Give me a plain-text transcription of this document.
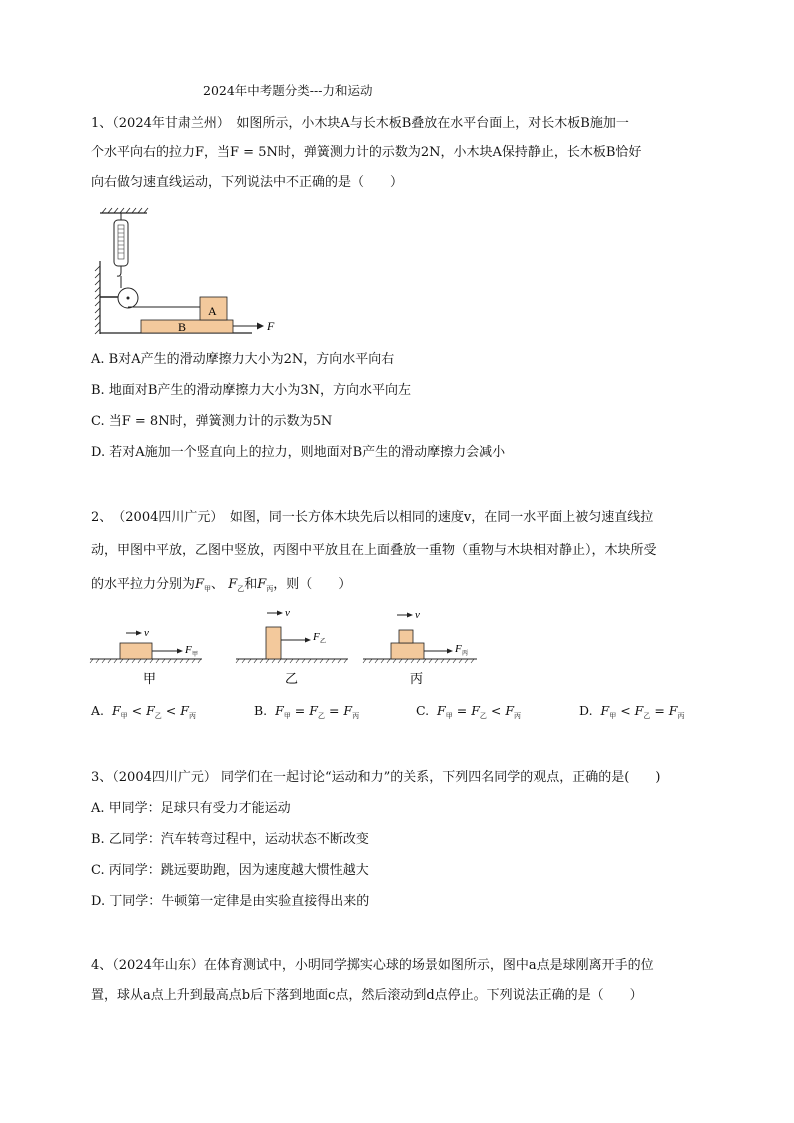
2024年中考题分类---力和运动
1、（2024年甘肃兰州）　如图所示，小木块A与长木板B叠放在水平台面上，对长木板B施加一
个水平向右的拉力F，当F = 5N时，弹簧测力计的示数为2N，小木块A保持静止，长木板B恰好
向右做匀速直线运动，下列说法中不正确的是（　　）
B
A
F
A. B对A产生的滑动摩擦力大小为2N，方向水平向右
B. 地面对B产生的滑动摩擦力大小为3N，方向水平向左
C. 当F = 8N时，弹簧测力计的示数为5N
D. 若对A施加一个竖直向上的拉力，则地面对B产生的滑动摩擦力会减小
2、　（2004四川广元）　如图，同一长方体木块先后以相同的速度v，在同一水平面上被匀速直线拉
动，甲图中平放，乙图中竖放，丙图中平放且在上面叠放一重物（重物与木块相对静止），木块所受
的水平拉力分别为$F_甲$、 $F_乙$和$F_丙$，则（　　）
v
F 甲
甲
v
F 乙
乙
v
F 丙
丙
A. $F_甲 < F_乙 < F_丙$	B. $F_甲 = F_乙 = F_丙$	C. $F_甲 = F_乙 < F_丙$	D. $F_甲 < F_乙 = F_丙$
3、（2004四川广元） 同学们在一起讨论“运动和力”的关系，下列四名同学的观点，正确的是(　　)
A. 甲同学：足球只有受力才能运动
B. 乙同学：汽车转弯过程中，运动状态不断改变
C. 丙同学：跳远要助跑，因为速度越大惯性越大
D. 丁同学：牛顿第一定律是由实验直接得出来的
4、（2024年山东）在体育测试中，小明同学掷实心球的场景如图所示，图中a点是球刚离开手的位
置，球从a点上升到最高点b后下落到地面c点，然后滚动到d点停止。下列说法正确的是（　　）
